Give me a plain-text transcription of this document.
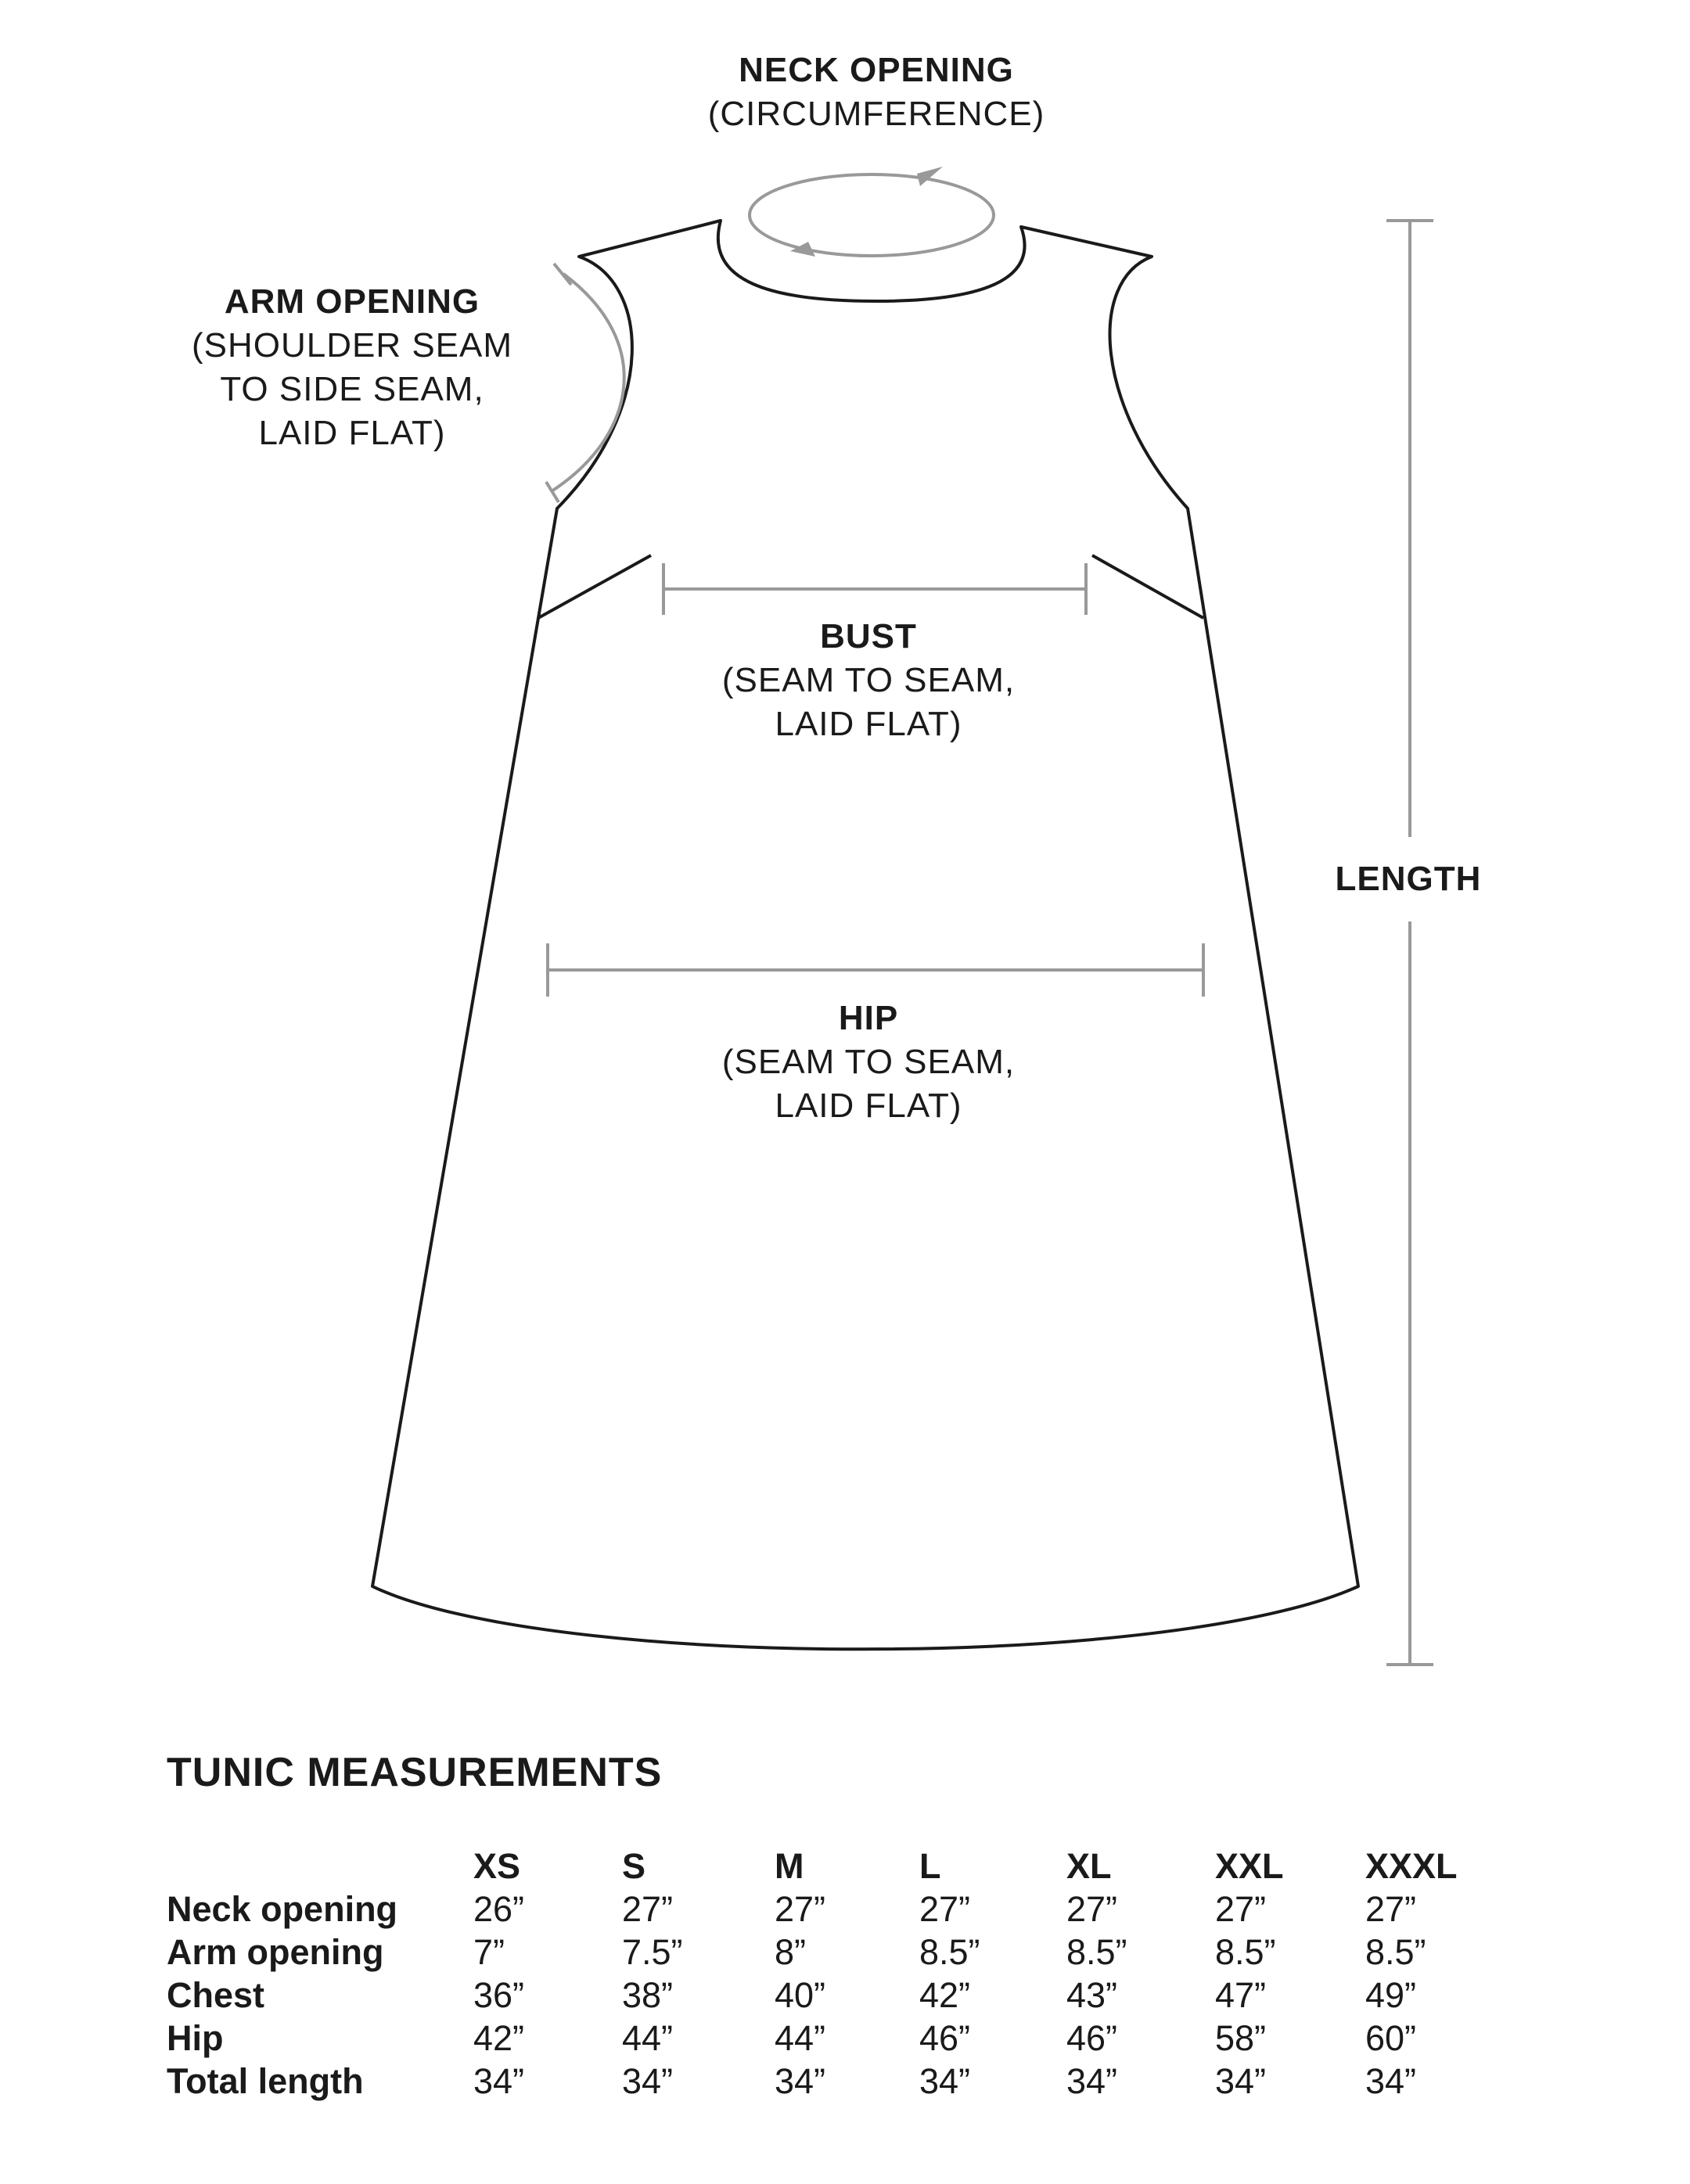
NECK OPENING
(CIRCUMFERENCE)
ARM OPENING
(SHOULDER SEAM
TO SIDE SEAM,
LAID FLAT)
BUST
(SEAM TO SEAM,
LAID FLAT)
HIP
(SEAM TO SEAM,
LAID FLAT)
LENGTH
TUNIC MEASUREMENTS
	XS	S	M	L	XL	XXL	XXXL
Neck opening	26”	27”	27”	27”	27”	27”	27”
Arm opening	7”	7.5”	8”	8.5”	8.5”	8.5”	8.5”
Chest	36”	38”	40”	42”	43”	47”	49”
Hip	42”	44”	44”	46”	46”	58”	60”
Total length	34”	34”	34”	34”	34”	34”	34”
